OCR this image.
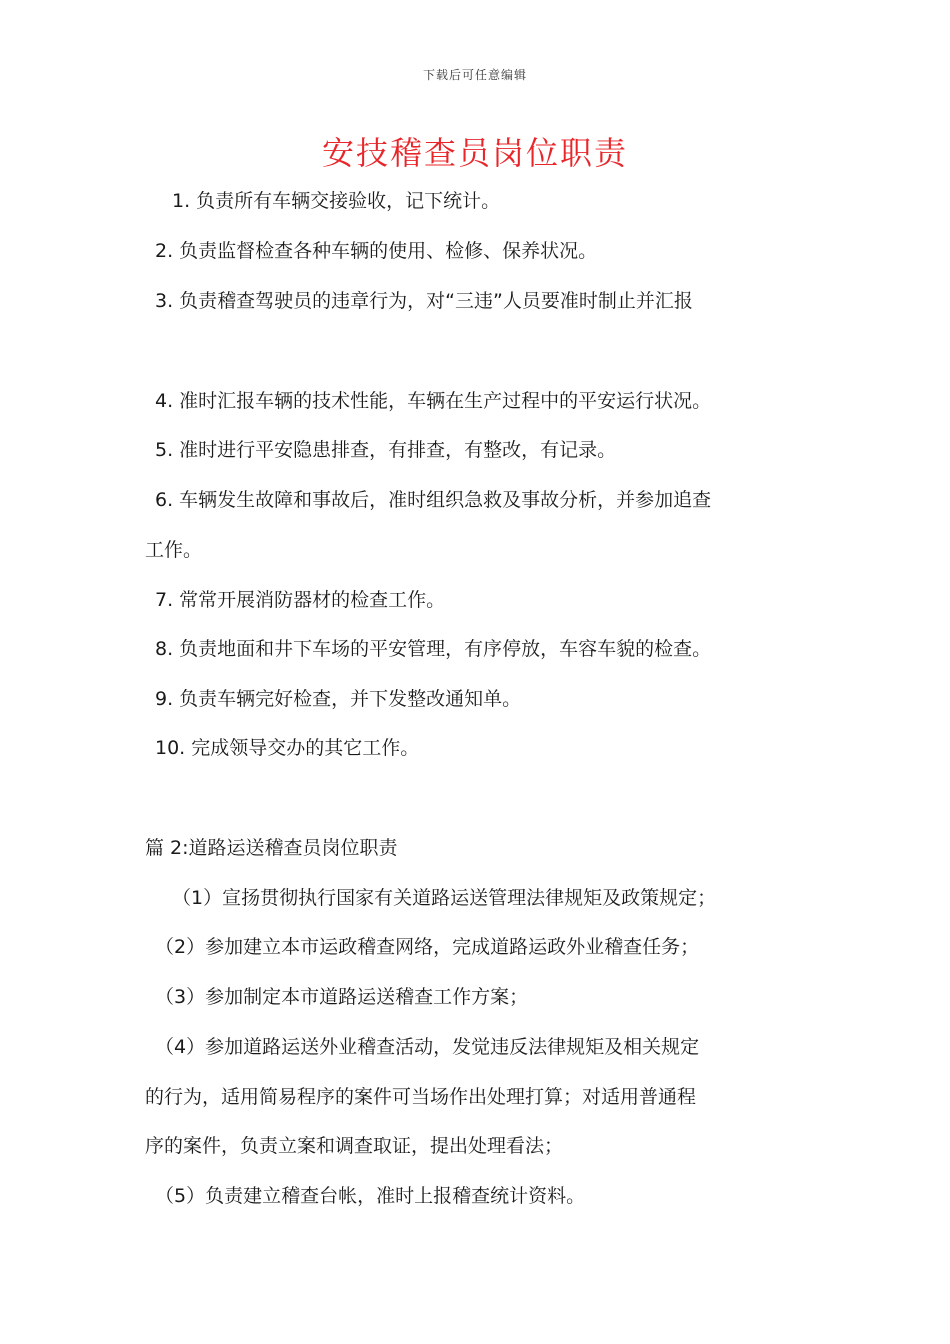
下载后可任意编辑
安技稽查员岗位职责
1. 负责所有车辆交接验收，记下统计。
2. 负责监督检查各种车辆的使用、检修、保养状况。
3. 负责稽查驾驶员的违章行为，对“三违”人员要准时制止并汇报
4. 准时汇报车辆的技术性能，车辆在生产过程中的平安运行状况。
5. 准时进行平安隐患排查，有排查，有整改，有记录。
6. 车辆发生故障和事故后，准时组织急救及事故分析，并参加追查
工作。
7. 常常开展消防器材的检查工作。
8. 负责地面和井下车场的平安管理，有序停放，车容车貌的检查。
9. 负责车辆完好检查，并下发整改通知单。
10. 完成领导交办的其它工作。
篇 2:道路运送稽查员岗位职责
（1）宣扬贯彻执行国家有关道路运送管理法律规矩及政策规定；
（2）参加建立本市运政稽查网络，完成道路运政外业稽查任务；
（3）参加制定本市道路运送稽查工作方案；
（4）参加道路运送外业稽查活动，发觉违反法律规矩及相关规定
的行为，适用简易程序的案件可当场作出处理打算；对适用普通程
序的案件，负责立案和调查取证，提出处理看法；
（5）负责建立稽查台帐，准时上报稽查统计资料。
